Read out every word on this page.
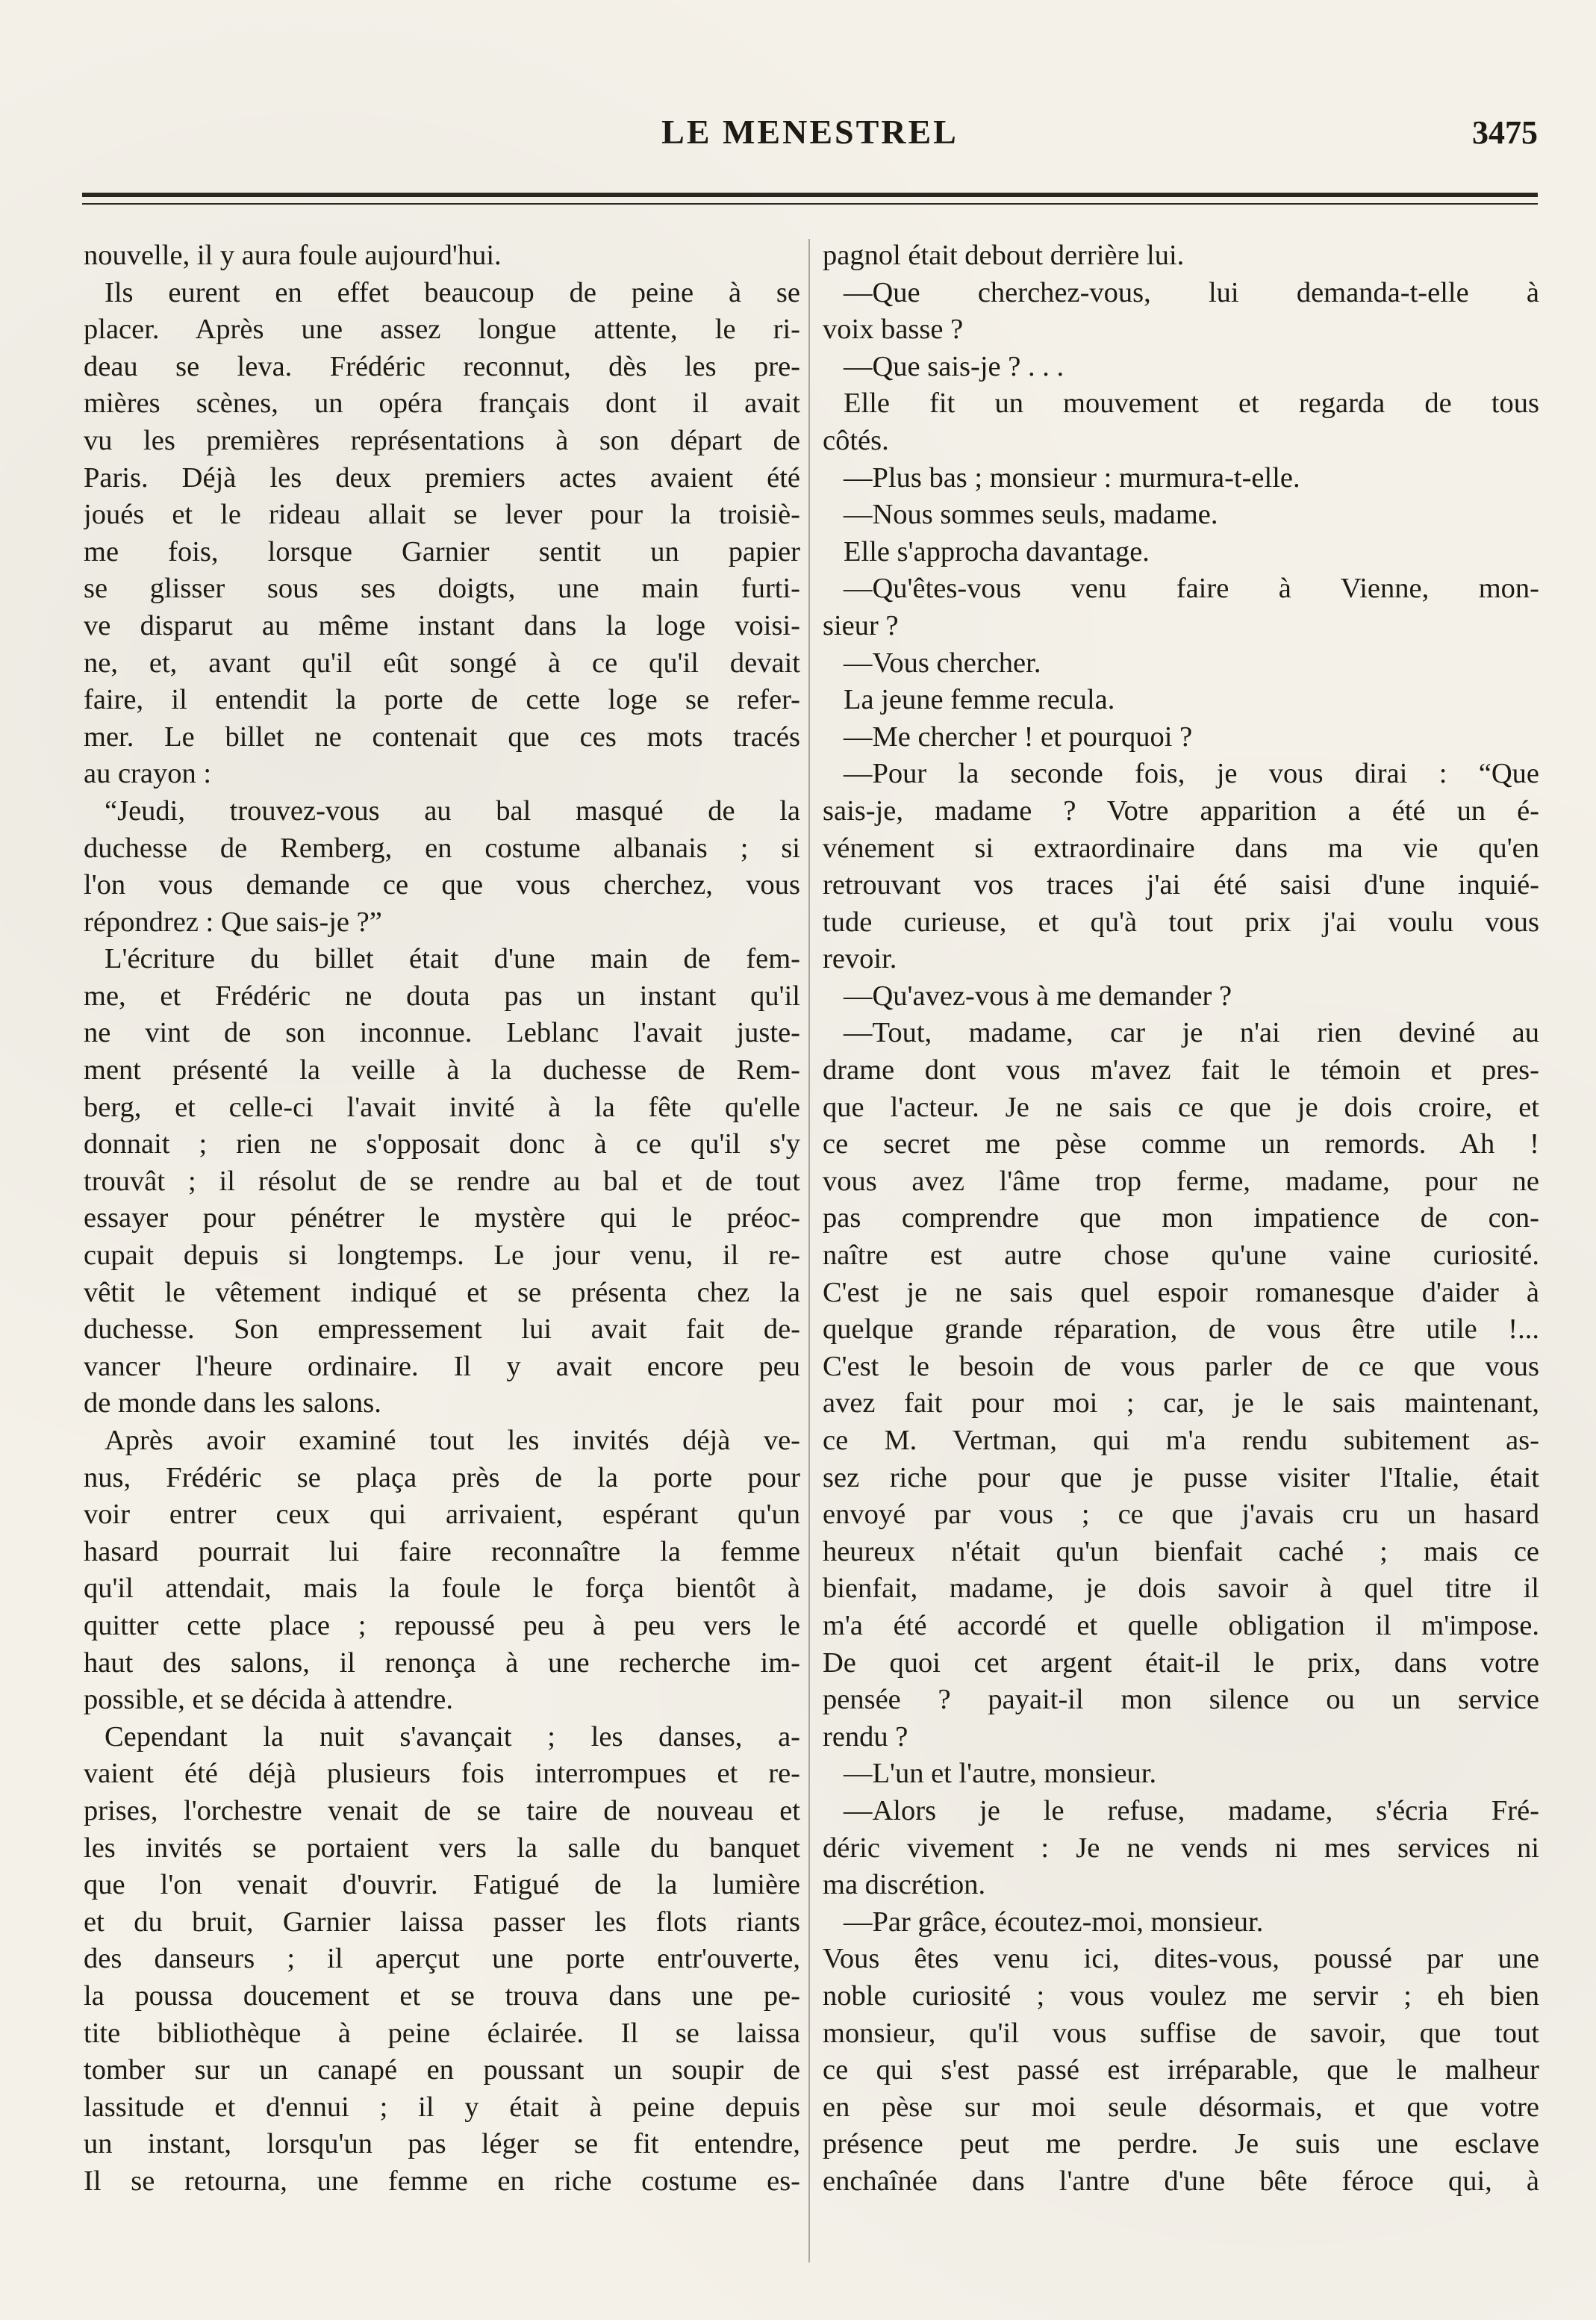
LE MENESTREL	3475
nouvelle, il y aura foule aujourd'hui.
Ils eurent en effet beaucoup de peine à se
placer. Après une assez longue attente, le ri-
deau se leva. Frédéric reconnut, dès les pre-
mières scènes, un opéra français dont il avait
vu les premières représentations à son départ de
Paris. Déjà les deux premiers actes avaient été
joués et le rideau allait se lever pour la troisiè-
me fois, lorsque Garnier sentit un papier
se glisser sous ses doigts, une main furti-
ve disparut au même instant dans la loge voisi-
ne, et, avant qu'il eût songé à ce qu'il devait
faire, il entendit la porte de cette loge se refer-
mer. Le billet ne contenait que ces mots tracés
au crayon :
“Jeudi, trouvez-vous au bal masqué de la
duchesse de Remberg, en costume albanais ; si
l'on vous demande ce que vous cherchez, vous
répondrez : Que sais-je ?”
L'écriture du billet était d'une main de fem-
me, et Frédéric ne douta pas un instant qu'il
ne vint de son inconnue. Leblanc l'avait juste-
ment présenté la veille à la duchesse de Rem-
berg, et celle-ci l'avait invité à la fête qu'elle
donnait ; rien ne s'opposait donc à ce qu'il s'y
trouvât ; il résolut de se rendre au bal et de tout
essayer pour pénétrer le mystère qui le préoc-
cupait depuis si longtemps. Le jour venu, il re-
vêtit le vêtement indiqué et se présenta chez la
duchesse. Son empressement lui avait fait de-
vancer l'heure ordinaire. Il y avait encore peu
de monde dans les salons.
Après avoir examiné tout les invités déjà ve-
nus, Frédéric se plaça près de la porte pour
voir entrer ceux qui arrivaient, espérant qu'un
hasard pourrait lui faire reconnaître la femme
qu'il attendait, mais la foule le força bientôt à
quitter cette place ; repoussé peu à peu vers le
haut des salons, il renonça à une recherche im-
possible, et se décida à attendre.
Cependant la nuit s'avançait ; les danses, a-
vaient été déjà plusieurs fois interrompues et re-
prises, l'orchestre venait de se taire de nouveau et
les invités se portaient vers la salle du banquet
que l'on venait d'ouvrir. Fatigué de la lumière
et du bruit, Garnier laissa passer les flots riants
des danseurs ; il aperçut une porte entr'ouverte,
la poussa doucement et se trouva dans une pe-
tite bibliothèque à peine éclairée. Il se laissa
tomber sur un canapé en poussant un soupir de
lassitude et d'ennui ; il y était à peine depuis
un instant, lorsqu'un pas léger se fit entendre,
Il se retourna, une femme en riche costume es-
pagnol était debout derrière lui.
—Que cherchez-vous, lui demanda-t-elle à
voix basse ?
—Que sais-je ? . . .
Elle fit un mouvement et regarda de tous
côtés.
—Plus bas ; monsieur : murmura-t-elle.
—Nous sommes seuls, madame.
Elle s'approcha davantage.
—Qu'êtes-vous venu faire à Vienne, mon-
sieur ?
—Vous chercher.
La jeune femme recula.
—Me chercher ! et pourquoi ?
—Pour la seconde fois, je vous dirai : “Que
sais-je, madame ? Votre apparition a été un é-
vénement si extraordinaire dans ma vie qu'en
retrouvant vos traces j'ai été saisi d'une inquié-
tude curieuse, et qu'à tout prix j'ai voulu vous
revoir.
—Qu'avez-vous à me demander ?
—Tout, madame, car je n'ai rien deviné au
drame dont vous m'avez fait le témoin et pres-
que l'acteur. Je ne sais ce que je dois croire, et
ce secret me pèse comme un remords. Ah !
vous avez l'âme trop ferme, madame, pour ne
pas comprendre que mon impatience de con-
naître est autre chose qu'une vaine curiosité.
C'est je ne sais quel espoir romanesque d'aider à
quelque grande réparation, de vous être utile !...
C'est le besoin de vous parler de ce que vous
avez fait pour moi ; car, je le sais maintenant,
ce M. Vertman, qui m'a rendu subitement as-
sez riche pour que je pusse visiter l'Italie, était
envoyé par vous ; ce que j'avais cru un hasard
heureux n'était qu'un bienfait caché ; mais ce
bienfait, madame, je dois savoir à quel titre il
m'a été accordé et quelle obligation il m'impose.
De quoi cet argent était-il le prix, dans votre
pensée ? payait-il mon silence ou un service
rendu ?
—L'un et l'autre, monsieur.
—Alors je le refuse, madame, s'écria Fré-
déric vivement : Je ne vends ni mes services ni
ma discrétion.
—Par grâce, écoutez-moi, monsieur.
Vous êtes venu ici, dites-vous, poussé par une
noble curiosité ; vous voulez me servir ; eh bien
monsieur, qu'il vous suffise de savoir, que tout
ce qui s'est passé est irréparable, que le malheur
en pèse sur moi seule désormais, et que votre
présence peut me perdre. Je suis une esclave
enchaînée dans l'antre d'une bête féroce qui, à
